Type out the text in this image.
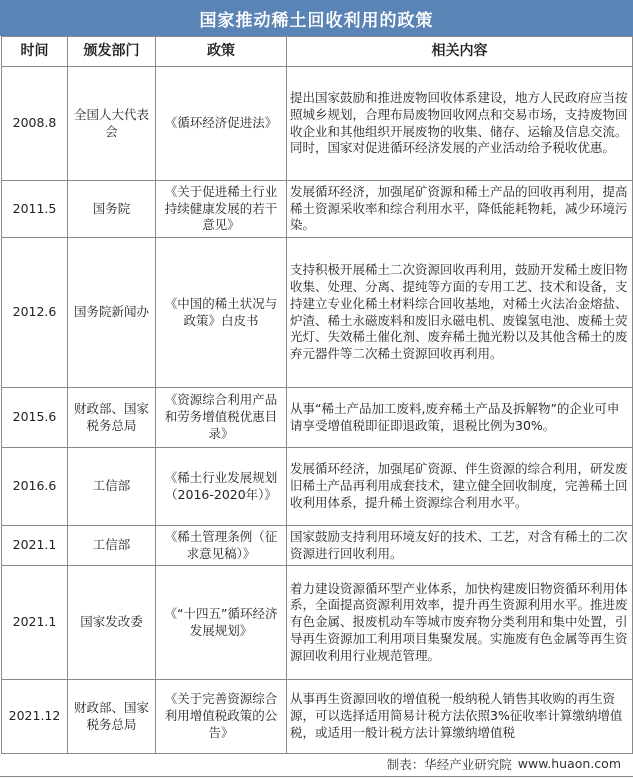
国家推动稀土回收利用的政策
时间	颁发部门	政策	相关内容
2008.8	全国人大代表会	《循环经济促进法》	提出国家鼓励和推进废物回收体系建设，地方人民政府应当按照城乡规划，合理布局废物回收网点和交易市场，支持废物回收企业和其他组织开展废物的收集、储存、运输及信息交流。同时，国家对促进循环经济发展的产业活动给予税收优惠。
2011.5	国务院	《关于促进稀土行业持续健康发展的若干意见》	发展循环经济，加强尾矿资源和稀土产品的回收再利用，提高稀土资源采收率和综合利用水平，降低能耗物耗，减少环境污染。
2012.6	国务院新闻办	《中国的稀土状况与政策》白皮书	支持积极开展稀土二次资源回收再利用，鼓励开发稀土废旧物收集、处理、分离、提纯等方面的专用工艺、技术和设备，支持建立专业化稀土材料综合回收基地，对稀土火法冶金熔盐、炉渣、稀土永磁废料和废旧永磁电机、废镍氢电池、废稀土荧光灯、失效稀土催化剂、废弃稀土抛光粉以及其他含稀土的废弃元器件等二次稀土资源回收再利用。
2015.6	财政部、国家税务总局	《资源综合利用产品和劳务增值税优惠目录》	从事“稀土产品加工废料,废弃稀土产品及拆解物”的企业可申请享受增值税即征即退政策，退税比例为30%。
2016.6	工信部	《稀土行业发展规划（2016-2020年）》	发展循环经济，加强尾矿资源、伴生资源的综合利用，研发废旧稀土产品再利用成套技术，建立健全回收制度，完善稀土回收利用体系，提升稀土资源综合利用水平。
2021.1	工信部	《稀土管理条例（征求意见稿）》	国家鼓励支持利用环境友好的技术、工艺，对含有稀土的二次资源进行回收利用。
2021.1	国家发改委	《“十四五”循环经济发展规划》	着力建设资源循环型产业体系，加快构建废旧物资循环利用体系，全面提高资源利用效率，提升再生资源利用水平。推进废有色金属、报废机动车等城市废弃物分类利用和集中处置，引导再生资源加工利用项目集聚发展。实施废有色金属等再生资源回收利用行业规范管理。
2021.12	财政部、国家税务总局	《关于完善资源综合利用增值税政策的公告》	从事再生资源回收的增值税一般纳税人销售其收购的再生资源，可以选择适用简易计税方法依照3%征收率计算缴纳增值税，或适用一般计税方法计算缴纳增值税
制表：华经产业研究院 www.huaon.com
